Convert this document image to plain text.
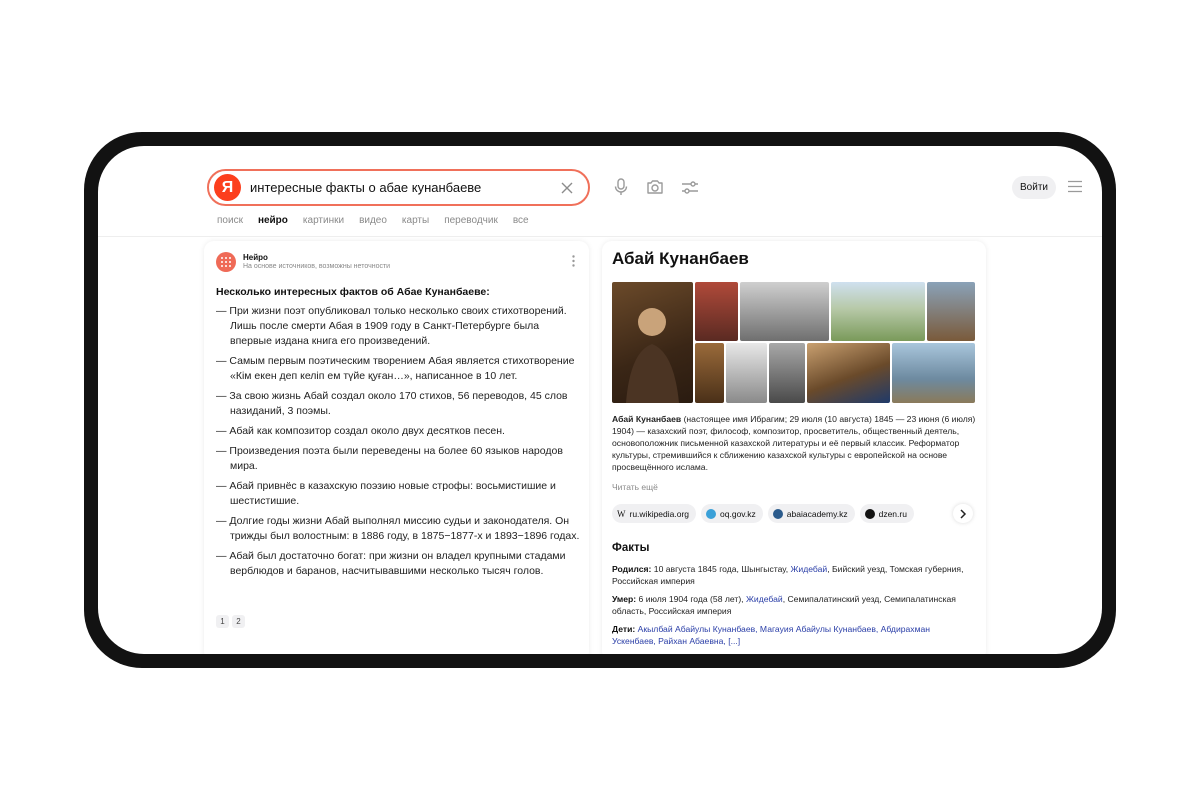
Я
интересные факты о абае кунанбаеве	Войти
поиск нейро картинки видео карты переводчик все
Нейро
На основе источников, возможны неточности
Несколько интересных фактов об Абае Кунанбаеве:
— При жизни поэт опубликовал только несколько своих стихотворений. Лишь после смерти Абая в 1909 году в Санкт-Петербурге была впервые издана книга его произведений.
— Самым первым поэтическим творением Абая является стихотворение «Кім екен деп келіп ем түйе қуған…», написанное в 10 лет.
— За свою жизнь Абай создал около 170 стихов, 56 переводов, 45 слов назиданий, 3 поэмы.
— Абай как композитор создал около двух десятков песен.
— Произведения поэта были переведены на более 60 языков народов мира.
— Абай привнёс в казахскую поэзию новые строфы: восьмистишие и шестистишие.
— Долгие годы жизни Абай выполнял миссию судьи и законодателя. Он трижды был волостным: в 1886 году, в 1875−1877-х и 1893−1896 годах.
— Абай был достаточно богат: при жизни он владел крупными стадами верблюдов и баранов, насчитывавшими несколько тысяч голов.
1	2
Абай Кунанбаев
Абай Кунанбаев (настоящее имя Ибрагим; 29 июля (10 августа) 1845 — 23 июня (6 июля) 1904) — казахский поэт, философ, композитор, просветитель, общественный деятель, основоположник письменной казахской литературы и её первый классик. Реформатор культуры, стремившийся к сближению казахской культуры с европейской на основе просвещённого ислама.
Читать ещё
W ru.wikipedia.org	oq.gov.kz	abaiacademy.kz	dzen.ru
Факты
Родился: 10 августа 1845 года, Шынгыстау, Жидебай, Бийский уезд, Томская губерния, Российская империя
Умер: 6 июля 1904 года (58 лет), Жидебай, Семипалатинский уезд, Семипалатинская область, Российская империя
Дети: Акылбай Абайулы Кунанбаев, Магауия Абайулы Кунанбаев, Абдирахман Ускенбаев, Райхан Абаевна, [...]
